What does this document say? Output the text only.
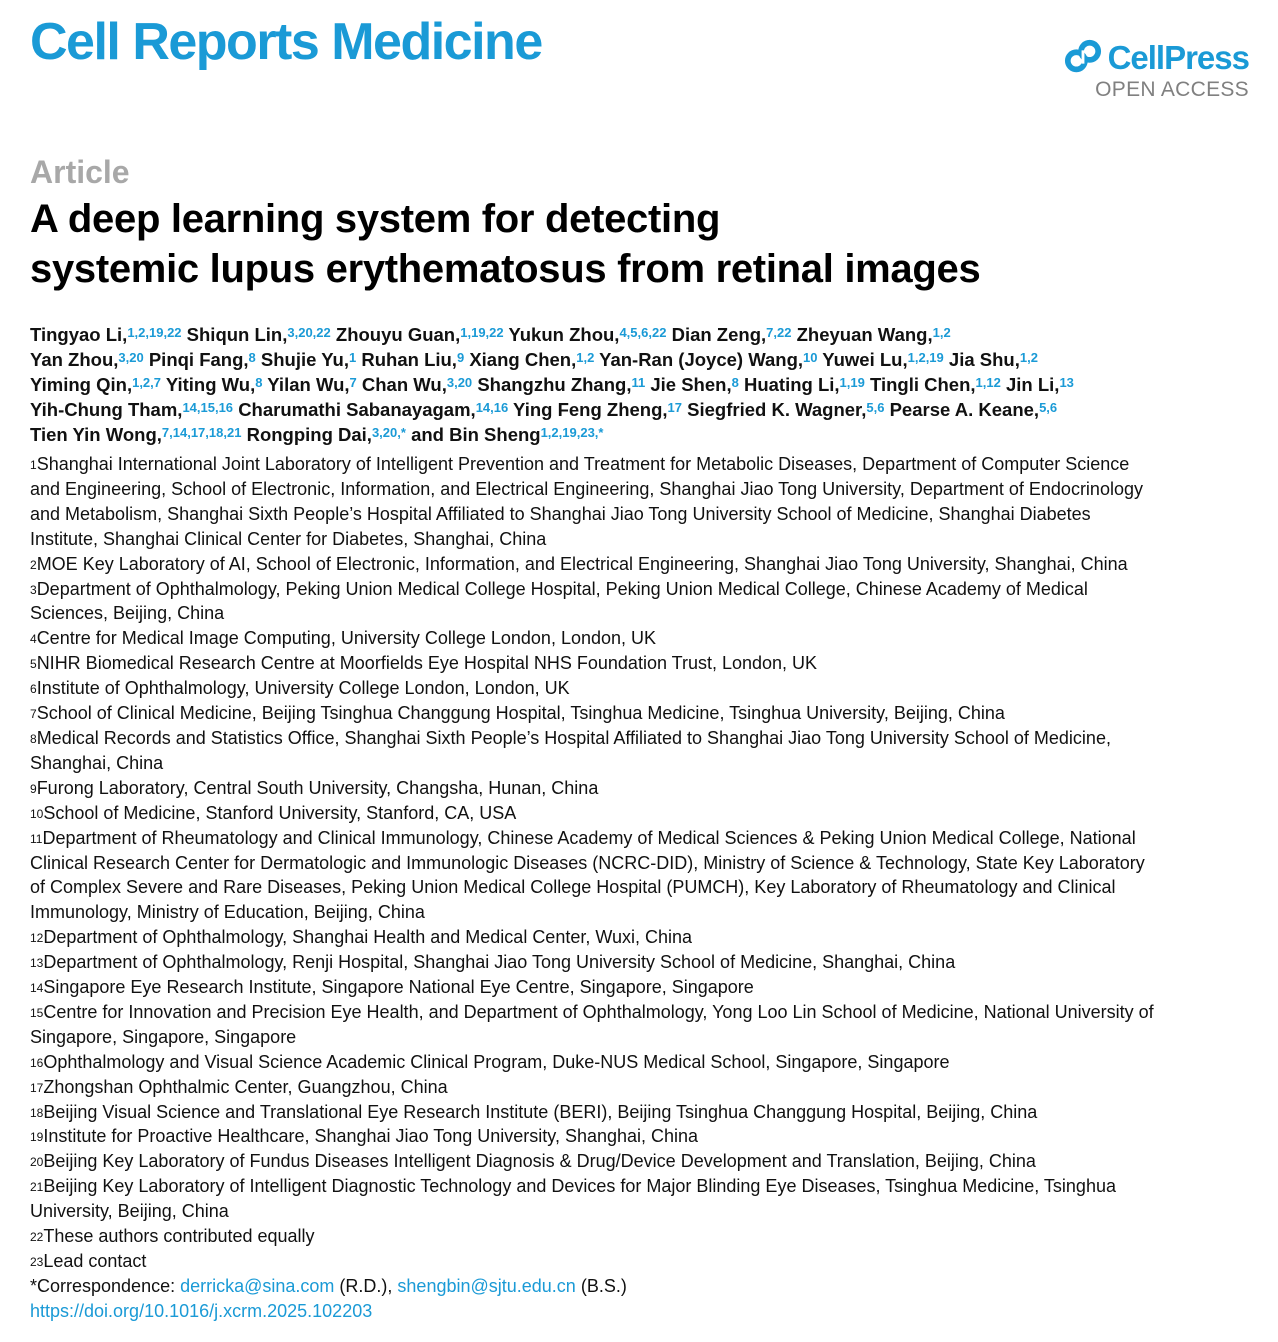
Cell Reports Medicine	CellPress
OPEN ACCESS
Article
A deep learning system for detecting
systemic lupus erythematosus from retinal images
Tingyao Li,$^{1,2,19,22}$ Shiqun Lin,$^{3,20,22}$ Zhouyu Guan,$^{1,19,22}$ Yukun Zhou,$^{4,5,6,22}$ Dian Zeng,$^{7,22}$ Zheyuan Wang,$^{1,2}$
Yan Zhou,$^{3,20}$ Pinqi Fang,$^8$ Shujie Yu,$^1$ Ruhan Liu,$^9$ Xiang Chen,$^{1,2}$ Yan-Ran (Joyce) Wang,$^{10}$ Yuwei Lu,$^{1,2,19}$ Jia Shu,$^{1,2}$
Yiming Qin,$^{1,2,7}$ Yiting Wu,$^8$ Yilan Wu,$^7$ Chan Wu,$^{3,20}$ Shangzhu Zhang,$^{11}$ Jie Shen,$^8$ Huating Li,$^{1,19}$ Tingli Chen,$^{1,12}$ Jin Li,$^{13}$
Yih-Chung Tham,$^{14,15,16}$ Charumathi Sabanayagam,$^{14,16}$ Ying Feng Zheng,$^{17}$ Siegfried K. Wagner,$^{5,6}$ Pearse A. Keane,$^{5,6}$
Tien Yin Wong,$^{7,14,17,18,21}$ Rongping Dai,$^{3,20,*}$ and Bin Sheng$^{1,2,19,23,*}$
$^1$Shanghai International Joint Laboratory of Intelligent Prevention and Treatment for Metabolic Diseases, Department of Computer Science
and Engineering, School of Electronic, Information, and Electrical Engineering, Shanghai Jiao Tong University, Department of Endocrinology
and Metabolism, Shanghai Sixth People’s Hospital Affiliated to Shanghai Jiao Tong University School of Medicine, Shanghai Diabetes
Institute, Shanghai Clinical Center for Diabetes, Shanghai, China
$^2$MOE Key Laboratory of AI, School of Electronic, Information, and Electrical Engineering, Shanghai Jiao Tong University, Shanghai, China
$^3$Department of Ophthalmology, Peking Union Medical College Hospital, Peking Union Medical College, Chinese Academy of Medical
Sciences, Beijing, China
$^4$Centre for Medical Image Computing, University College London, London, UK
$^5$NIHR Biomedical Research Centre at Moorfields Eye Hospital NHS Foundation Trust, London, UK
$^6$Institute of Ophthalmology, University College London, London, UK
$^7$School of Clinical Medicine, Beijing Tsinghua Changgung Hospital, Tsinghua Medicine, Tsinghua University, Beijing, China
$^8$Medical Records and Statistics Office, Shanghai Sixth People’s Hospital Affiliated to Shanghai Jiao Tong University School of Medicine,
Shanghai, China
$^9$Furong Laboratory, Central South University, Changsha, Hunan, China
$^{10}$School of Medicine, Stanford University, Stanford, CA, USA
$^{11}$Department of Rheumatology and Clinical Immunology, Chinese Academy of Medical Sciences & Peking Union Medical College, National
Clinical Research Center for Dermatologic and Immunologic Diseases (NCRC-DID), Ministry of Science & Technology, State Key Laboratory
of Complex Severe and Rare Diseases, Peking Union Medical College Hospital (PUMCH), Key Laboratory of Rheumatology and Clinical
Immunology, Ministry of Education, Beijing, China
$^{12}$Department of Ophthalmology, Shanghai Health and Medical Center, Wuxi, China
$^{13}$Department of Ophthalmology, Renji Hospital, Shanghai Jiao Tong University School of Medicine, Shanghai, China
$^{14}$Singapore Eye Research Institute, Singapore National Eye Centre, Singapore, Singapore
$^{15}$Centre for Innovation and Precision Eye Health, and Department of Ophthalmology, Yong Loo Lin School of Medicine, National University of
Singapore, Singapore, Singapore
$^{16}$Ophthalmology and Visual Science Academic Clinical Program, Duke-NUS Medical School, Singapore, Singapore
$^{17}$Zhongshan Ophthalmic Center, Guangzhou, China
$^{18}$Beijing Visual Science and Translational Eye Research Institute (BERI), Beijing Tsinghua Changgung Hospital, Beijing, China
$^{19}$Institute for Proactive Healthcare, Shanghai Jiao Tong University, Shanghai, China
$^{20}$Beijing Key Laboratory of Fundus Diseases Intelligent Diagnosis & Drug/Device Development and Translation, Beijing, China
$^{21}$Beijing Key Laboratory of Intelligent Diagnostic Technology and Devices for Major Blinding Eye Diseases, Tsinghua Medicine, Tsinghua
University, Beijing, China
$^{22}$These authors contributed equally
$^{23}$Lead contact
*Correspondence: derricka@sina.com (R.D.), shengbin@sjtu.edu.cn (B.S.)
https://doi.org/10.1016/j.xcrm.2025.102203
